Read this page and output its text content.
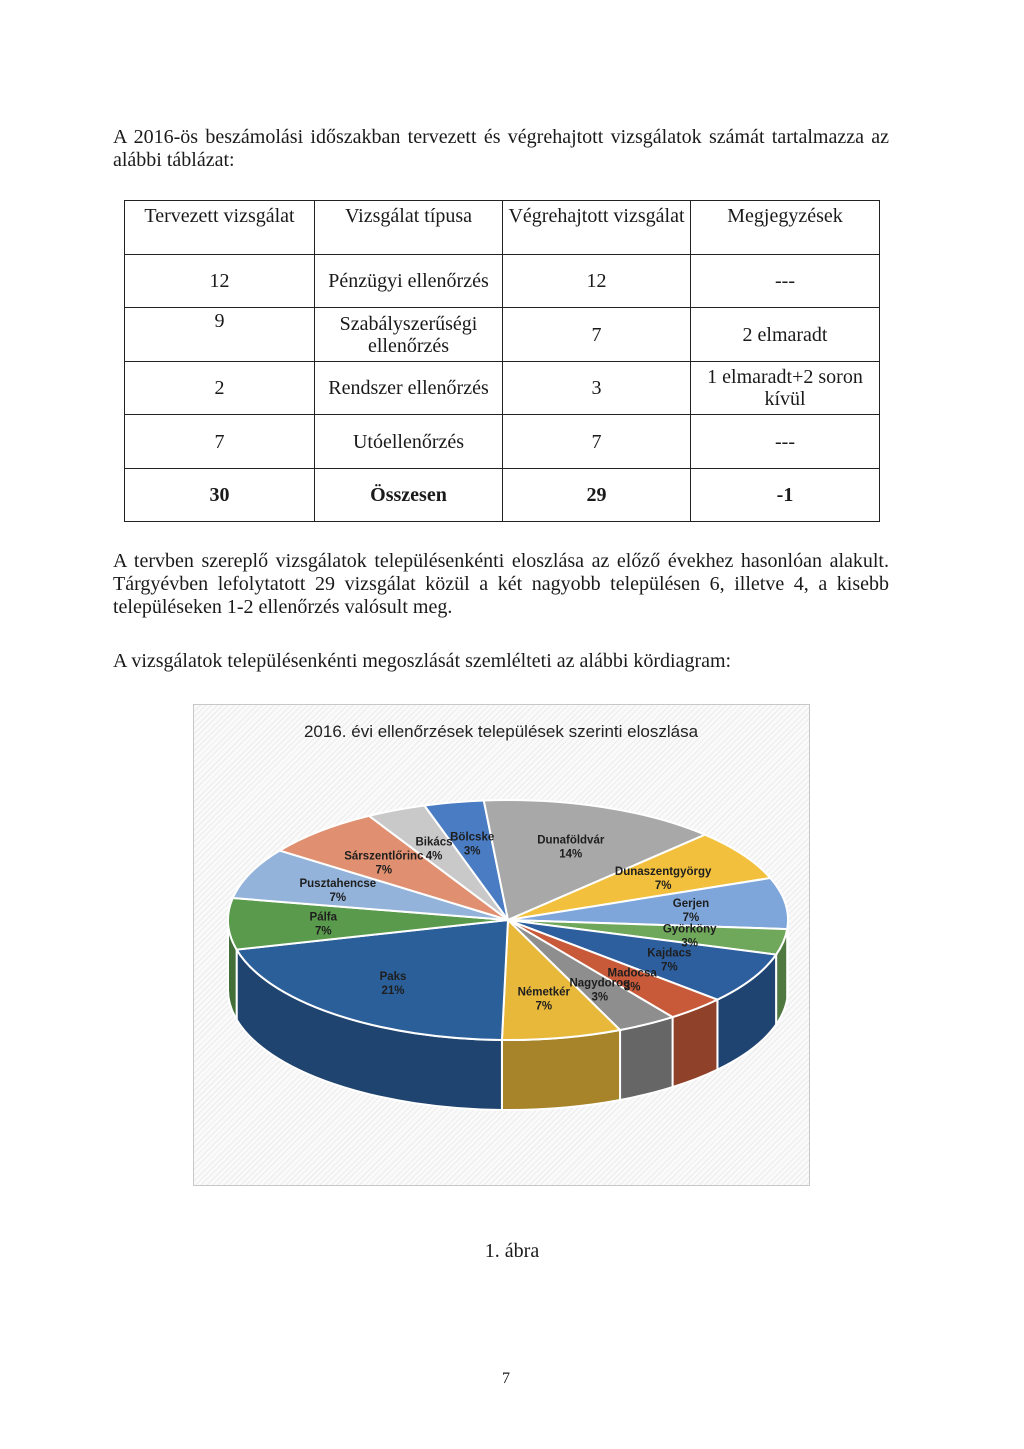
A 2016-ös beszámolási időszakban tervezett és végrehajtott vizsgálatok számát tartalmazza az alábbi táblázat:

Tervezett vizsgálat	Vizsgálat típusa	Végrehajtott vizsgálat	Megjegyzések
12	Pénzügyi ellenőrzés	12	---
9	Szabályszerűségi ellenőrzés	7	2 elmaradt
2	Rendszer ellenőrzés	3	1 elmaradt+2 soron kívül
7	Utóellenőrzés	7	---
30	Összesen	29	-1

A tervben szereplő vizsgálatok településenkénti eloszlása az előző évekhez hasonlóan alakult. Tárgyévben lefolytatott 29 vizsgálat közül a két nagyobb településen 6, illetve 4, a kisebb településeken 1-2 ellenőrzés valósult meg.

A vizsgálatok településenkénti megoszlását szemlélteti az alábbi kördiagram:

2016. évi ellenőrzések települések szerinti eloszlása
Bikács
4%
Bölcske
3%
Dunaföldvár
14%
Dunaszentgyörgy
7%
Gerjen
7%
Györköny
3%
Kajdacs
7%
Madocsa
3%
Nagydorog
3%
Németkér
7%
Paks
21%
Pálfa
7%
Pusztahencse
7%
Sárszentlőrinc
7%
1. ábra
7
